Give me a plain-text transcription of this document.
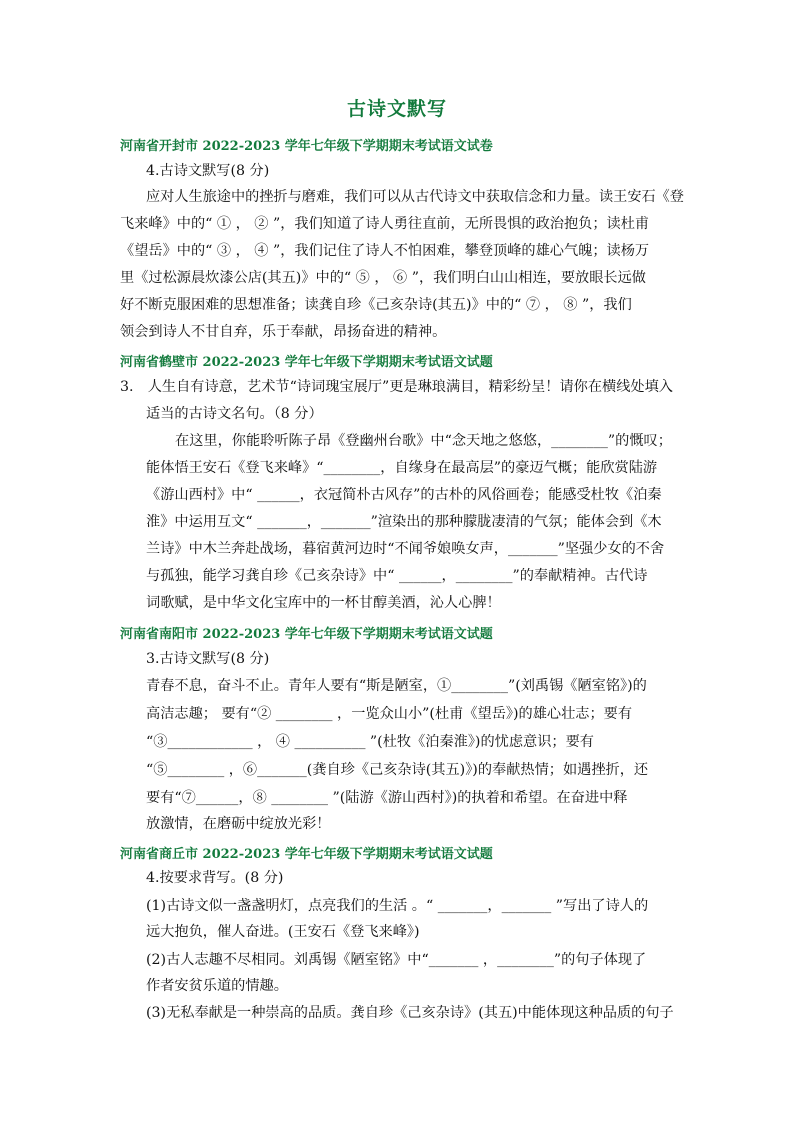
古诗文默写
河南省开封市 2022-2023 学年七年级下学期期末考试语文试卷
4.古诗文默写(8 分)
应对人生旅途中的挫折与磨难，我们可以从古代诗文中获取信念和力量。读王安石《登
飞来峰》中的“ ① ， ② ”，我们知道了诗人勇往直前，无所畏惧的政治抱负；读杜甫
《望岳》中的“ ③ ， ④ ”，我们记住了诗人不怕困难，攀登顶峰的雄心气魄；读杨万
里《过松源晨炊漆公店(其五)》中的“ ⑤ ， ⑥ ”，我们明白山山相连，要放眼长远做
好不断克服困难的思想准备；读龚自珍《己亥杂诗(其五)》中的“ ⑦ ， ⑧ ”，我们
领会到诗人不甘自弃，乐于奉献，昂扬奋进的精神。
河南省鹤壁市 2022-2023 学年七年级下学期期末考试语文试题
3.　人生自有诗意，艺术节“诗词瑰宝展厅”更是琳琅满目，精彩纷呈！请你在横线处填入
适当的古诗文名句。（8 分）
在这里，你能聆听陈子昂《登幽州台歌》中“念天地之悠悠，________”的慨叹；
能体悟王安石《登飞来峰》“________，自缘身在最高层”的豪迈气概；能欣赏陆游
《游山西村》中“ ______，衣冠简朴古风存”的古朴的风俗画卷；能感受杜牧《泊秦
淮》中运用互文“ _______，_______”渲染出的那种朦胧凄清的气氛；能体会到《木
兰诗》中木兰奔赴战场，暮宿黄河边时“不闻爷娘唤女声，_______”坚强少女的不舍
与孤独，能学习龚自珍《己亥杂诗》中“ ______，________”的奉献精神。古代诗
词歌赋，是中华文化宝库中的一杯甘醇美酒，沁人心脾！
河南省南阳市 2022-2023 学年七年级下学期期末考试语文试题
3.古诗文默写(8 分)
青春不息，奋斗不止。青年人要有“斯是陋室，①________”(刘禹锡《陋室铭》)的
高洁志趣； 要有“② ________ ，一览众山小”(杜甫《望岳》)的雄心壮志；要有
“③____________ ， ④ __________ ”(杜牧《泊秦淮》)的忧虑意识；要有
“⑤________ ，⑥_______(龚自珍《己亥杂诗(其五)》)的奉献热情；如遇挫折，还
要有“⑦______，⑧ ________ ”(陆游《游山西村》)的执着和希望。在奋进中释
放激情，在磨砺中绽放光彩！
河南省商丘市 2022-2023 学年七年级下学期期末考试语文试题
4.按要求背写。(8 分)
(1)古诗文似一盏盏明灯，点亮我们的生活 。“ _______，_______ ”写出了诗人的
远大抱负，催人奋进。(王安石《登飞来峰》)
(2)古人志趣不尽相同。刘禹锡《陋室铭》中“_______ ，________”的句子体现了
作者安贫乐道的情趣。
(3)无私奉献是一种崇高的品质。龚自珍《己亥杂诗》(其五)中能体现这种品质的句子
